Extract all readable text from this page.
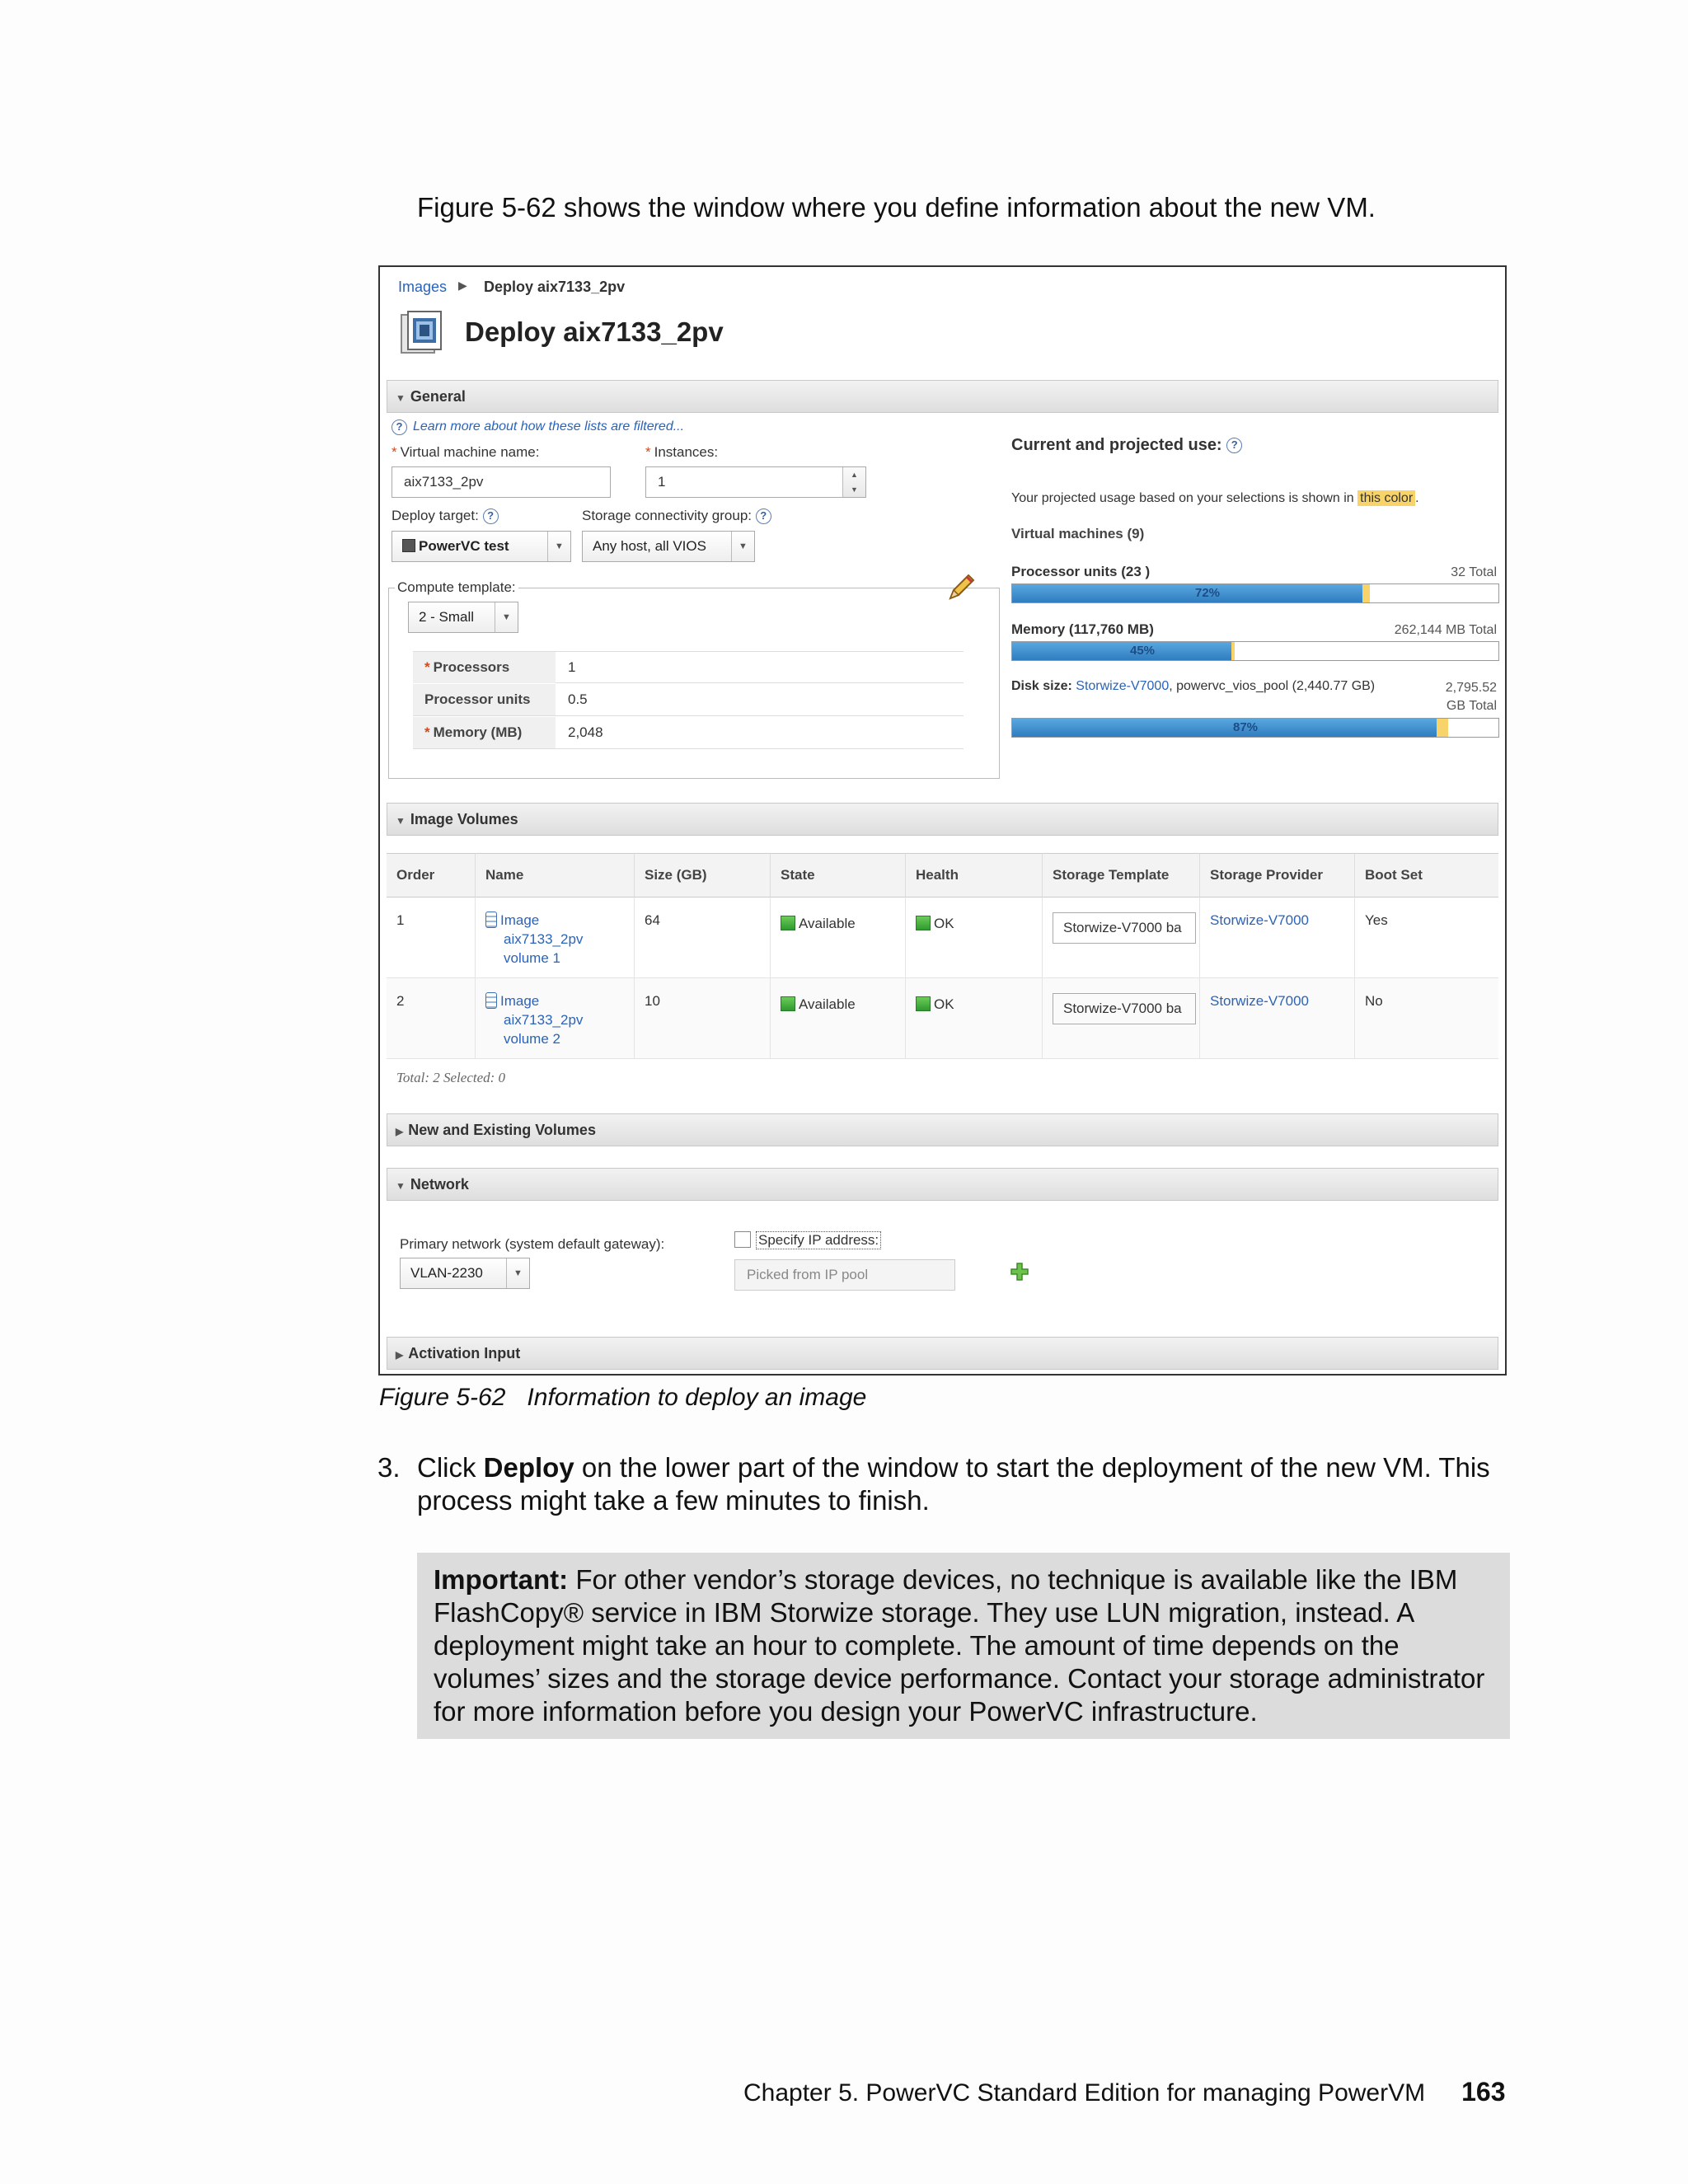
Figure 5-62 shows the window where you define information about the new VM.
Images ▶ Deploy aix7133_2pv
Deploy aix7133_2pv
▼ General
? Learn more about how these lists are filtered...
* Virtual machine name:
aix7133_2pv
* Instances:
1	▲
▼
Deploy target: ?
PowerVC test	▼
Storage connectivity group: ?
Any host, all VIOS	▼
Compute template:
2 - Small	▼
* Processors	1
Processor units	0.5
* Memory (MB)	2,048
Current and projected use: ?
Your projected usage based on your selections is shown in this color .
Virtual machines (9)
Processor units (23 )	32 Total
72%
Memory (117,760 MB)	262,144 MB Total
45%
Disk size: Storwize-V7000, powervc_vios_pool (2,440.77 GB)	2,795.52
GB Total
87%
▼ Image Volumes
Order	Name	Size (GB)	State	Health	Storage Template	Storage Provider	Boot Set
1	Image
aix7133_2pv
volume 1
64	Available	OK	Storwize-V7000 ba	Storwize-V7000	Yes
2	Image
aix7133_2pv
volume 2
10	Available	OK	Storwize-V7000 ba	Storwize-V7000	No
Total: 2 Selected: 0
▶ New and Existing Volumes
▼ Network
Primary network (system default gateway):
VLAN-2230	▼
Specify IP address:
Picked from IP pool
▶ Activation Input
Figure 5-62 Information to deploy an image
3. Click Deploy on the lower part of the window to start the deployment of the new VM. This process might take a few minutes to finish.
Important: For other vendor’s storage devices, no technique is available like the IBM FlashCopy® service in IBM Storwize storage. They use LUN migration, instead. A deployment might take an hour to complete. The amount of time depends on the volumes’ sizes and the storage device performance. Contact your storage administrator for more information before you design your PowerVC infrastructure.
Chapter 5. PowerVC Standard Edition for managing PowerVM 163
